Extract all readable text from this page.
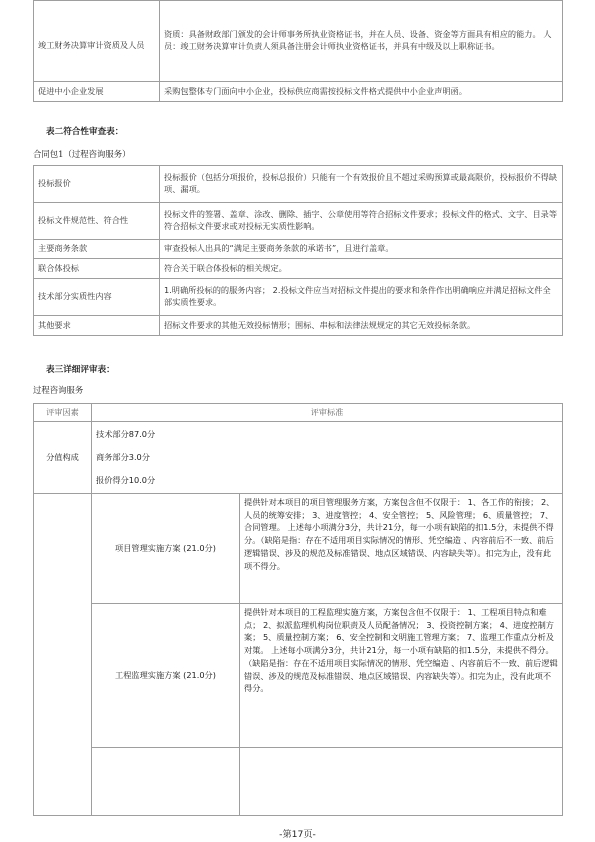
竣工财务决算审计资质及人员	资质：具备财政部门颁发的会计师事务所执业资格证书，并在人员、设备、资金等方面具有相应的能力。 人员：竣工财务决算审计负责人须具备注册会计师执业资格证书，并具有中级及以上职称证书。

促进中小企业发展	采购包整体专门面向中小企业，投标供应商需按投标文件格式提供中小企业声明函。
表二符合性审查表：
合同包1（过程咨询服务）
投标报价	投标报价（包括分项报价，投标总报价）只能有一个有效报价且不超过采购预算或最高限价，投标报价不得缺项、漏项。
投标文件规范性、符合性	投标文件的签署、盖章、涂改、删除、插字、公章使用等符合招标文件要求；投标文件的格式、文字、目录等符合招标文件要求或对投标无实质性影响。
主要商务条款	审查投标人出具的“满足主要商务条款的承诺书”，且进行盖章。
联合体投标	符合关于联合体投标的相关规定。
技术部分实质性内容	1.明确所投标的的服务内容； 2.投标文件应当对招标文件提出的要求和条件作出明确响应并满足招标文件全部实质性要求。
其他要求	招标文件要求的其他无效投标情形；围标、串标和法律法规规定的其它无效投标条款。
表三详细评审表：
过程咨询服务
评审因素	评审标准	
分值构成	技术部分87.0分
商务部分3.0分
报价得分10.0分	

	项目管理实施方案 (21.0分)	提供针对本项目的项目管理服务方案，方案包含但不仅限于： 1、各工作的衔接； 2、人员的统筹安排； 3、进度管控； 4、安全管控； 5、风险管理； 6、质量管控； 7、合同管理。 上述每小项满分3分，共计21分，每一小项有缺陷的扣1.5分，未提供不得分。（缺陷是指：存在不适用项目实际情况的情形、凭空编造 、内容前后不一致、前后逻辑错误、涉及的规范及标准错误、地点区域错误、内容缺失等）。扣完为止，没有此项不得分。
	工程监理实施方案 (21.0分)	提供针对本项目的工程监理实施方案，方案包含但不仅限于： 1、工程项目特点和难点； 2、拟派监理机构岗位职责及人员配备情况； 3、投资控制方案； 4、进度控制方案； 5、质量控制方案； 6、安全控制和文明施工管理方案； 7、监理工作重点分析及对策。 上述每小项满分3分，共计21分，每一小项有缺陷的扣1.5分，未提供不得分。（缺陷是指：存在不适用项目实际情况的情形、凭空编造 、内容前后不一致、前后逻辑错误、涉及的规范及标准错误、地点区域错误、内容缺失等）。扣完为止，没有此项不得分。

-第17页-
